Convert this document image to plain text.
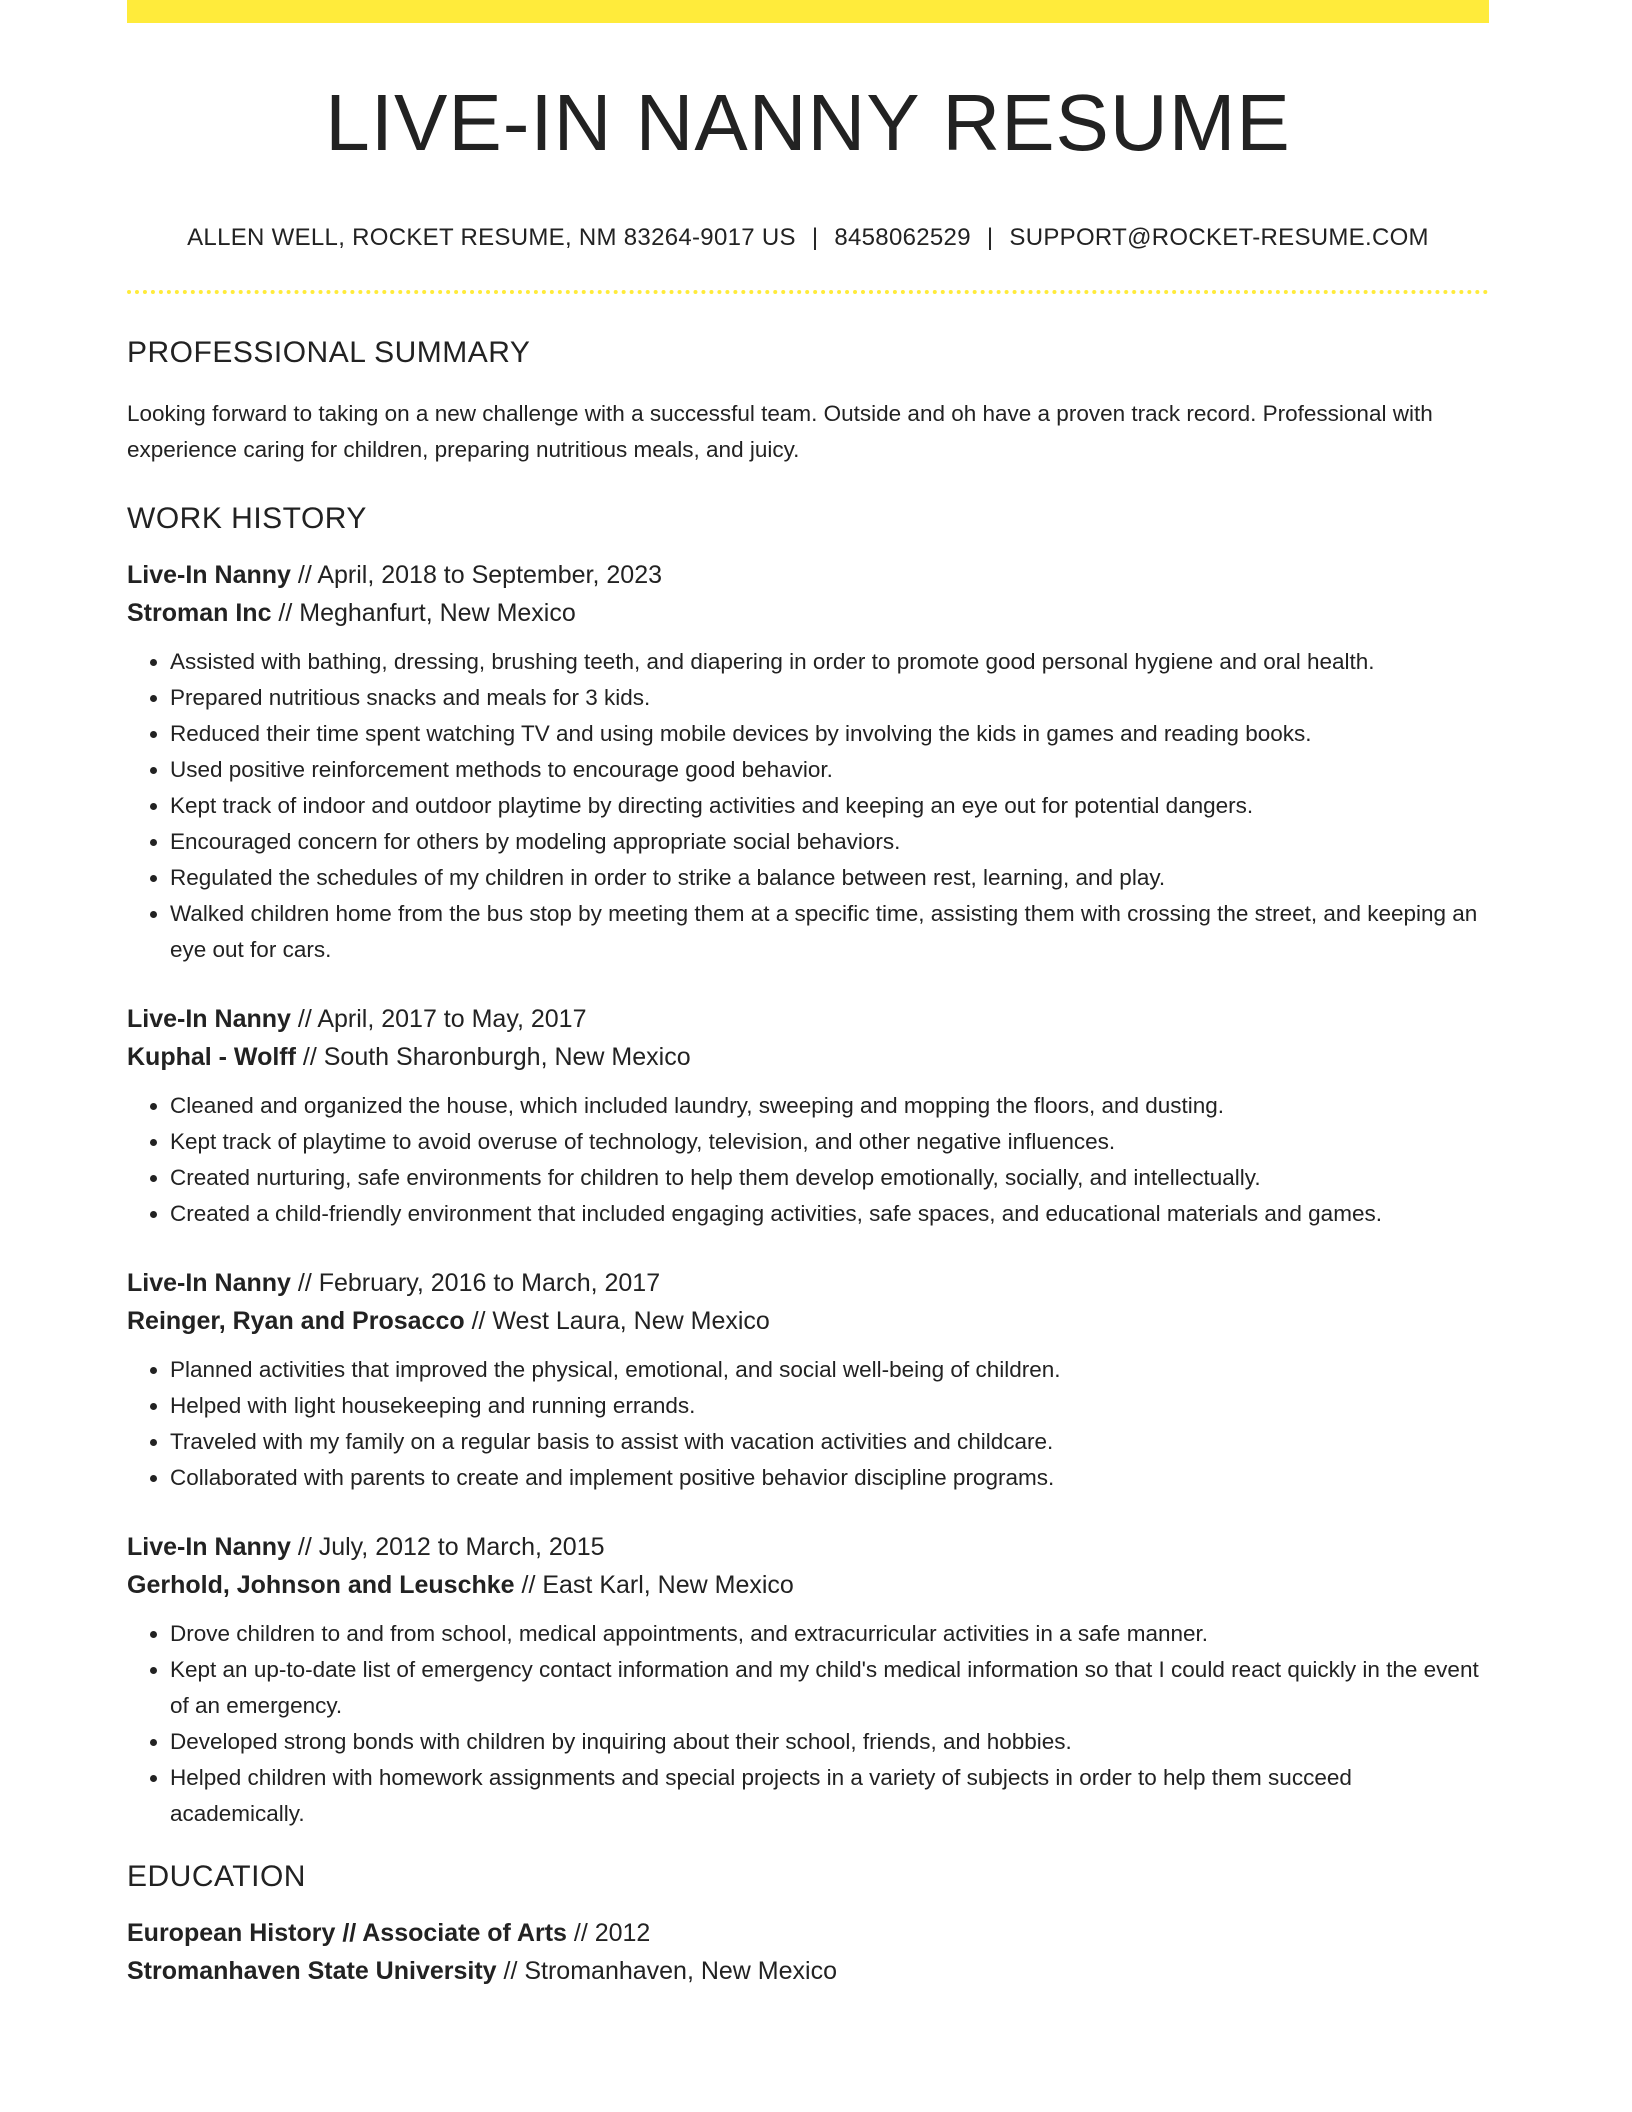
LIVE-IN NANNY RESUME
ALLEN WELL, ROCKET RESUME, NM 83264-9017 US | 8458062529 | SUPPORT@ROCKET-RESUME.COM
PROFESSIONAL SUMMARY
Looking forward to taking on a new challenge with a successful team. Outside and oh have a proven track record. Professional with experience caring for children, preparing nutritious meals, and juicy.
WORK HISTORY
Live-In Nanny // April, 2018 to September, 2023
Stroman Inc // Meghanfurt, New Mexico
• Assisted with bathing, dressing, brushing teeth, and diapering in order to promote good personal hygiene and oral health.
• Prepared nutritious snacks and meals for 3 kids.
• Reduced their time spent watching TV and using mobile devices by involving the kids in games and reading books.
• Used positive reinforcement methods to encourage good behavior.
• Kept track of indoor and outdoor playtime by directing activities and keeping an eye out for potential dangers.
• Encouraged concern for others by modeling appropriate social behaviors.
• Regulated the schedules of my children in order to strike a balance between rest, learning, and play.
• Walked children home from the bus stop by meeting them at a specific time, assisting them with crossing the street, and keeping an eye out for cars.
Live-In Nanny // April, 2017 to May, 2017
Kuphal - Wolff // South Sharonburgh, New Mexico
• Cleaned and organized the house, which included laundry, sweeping and mopping the floors, and dusting.
• Kept track of playtime to avoid overuse of technology, television, and other negative influences.
• Created nurturing, safe environments for children to help them develop emotionally, socially, and intellectually.
• Created a child-friendly environment that included engaging activities, safe spaces, and educational materials and games.
Live-In Nanny // February, 2016 to March, 2017
Reinger, Ryan and Prosacco // West Laura, New Mexico
• Planned activities that improved the physical, emotional, and social well-being of children.
• Helped with light housekeeping and running errands.
• Traveled with my family on a regular basis to assist with vacation activities and childcare.
• Collaborated with parents to create and implement positive behavior discipline programs.
Live-In Nanny // July, 2012 to March, 2015
Gerhold, Johnson and Leuschke // East Karl, New Mexico
• Drove children to and from school, medical appointments, and extracurricular activities in a safe manner.
• Kept an up-to-date list of emergency contact information and my child's medical information so that I could react quickly in the event of an emergency.
• Developed strong bonds with children by inquiring about their school, friends, and hobbies.
• Helped children with homework assignments and special projects in a variety of subjects in order to help them succeed academically.
EDUCATION
European History // Associate of Arts // 2012
Stromanhaven State University // Stromanhaven, New Mexico
